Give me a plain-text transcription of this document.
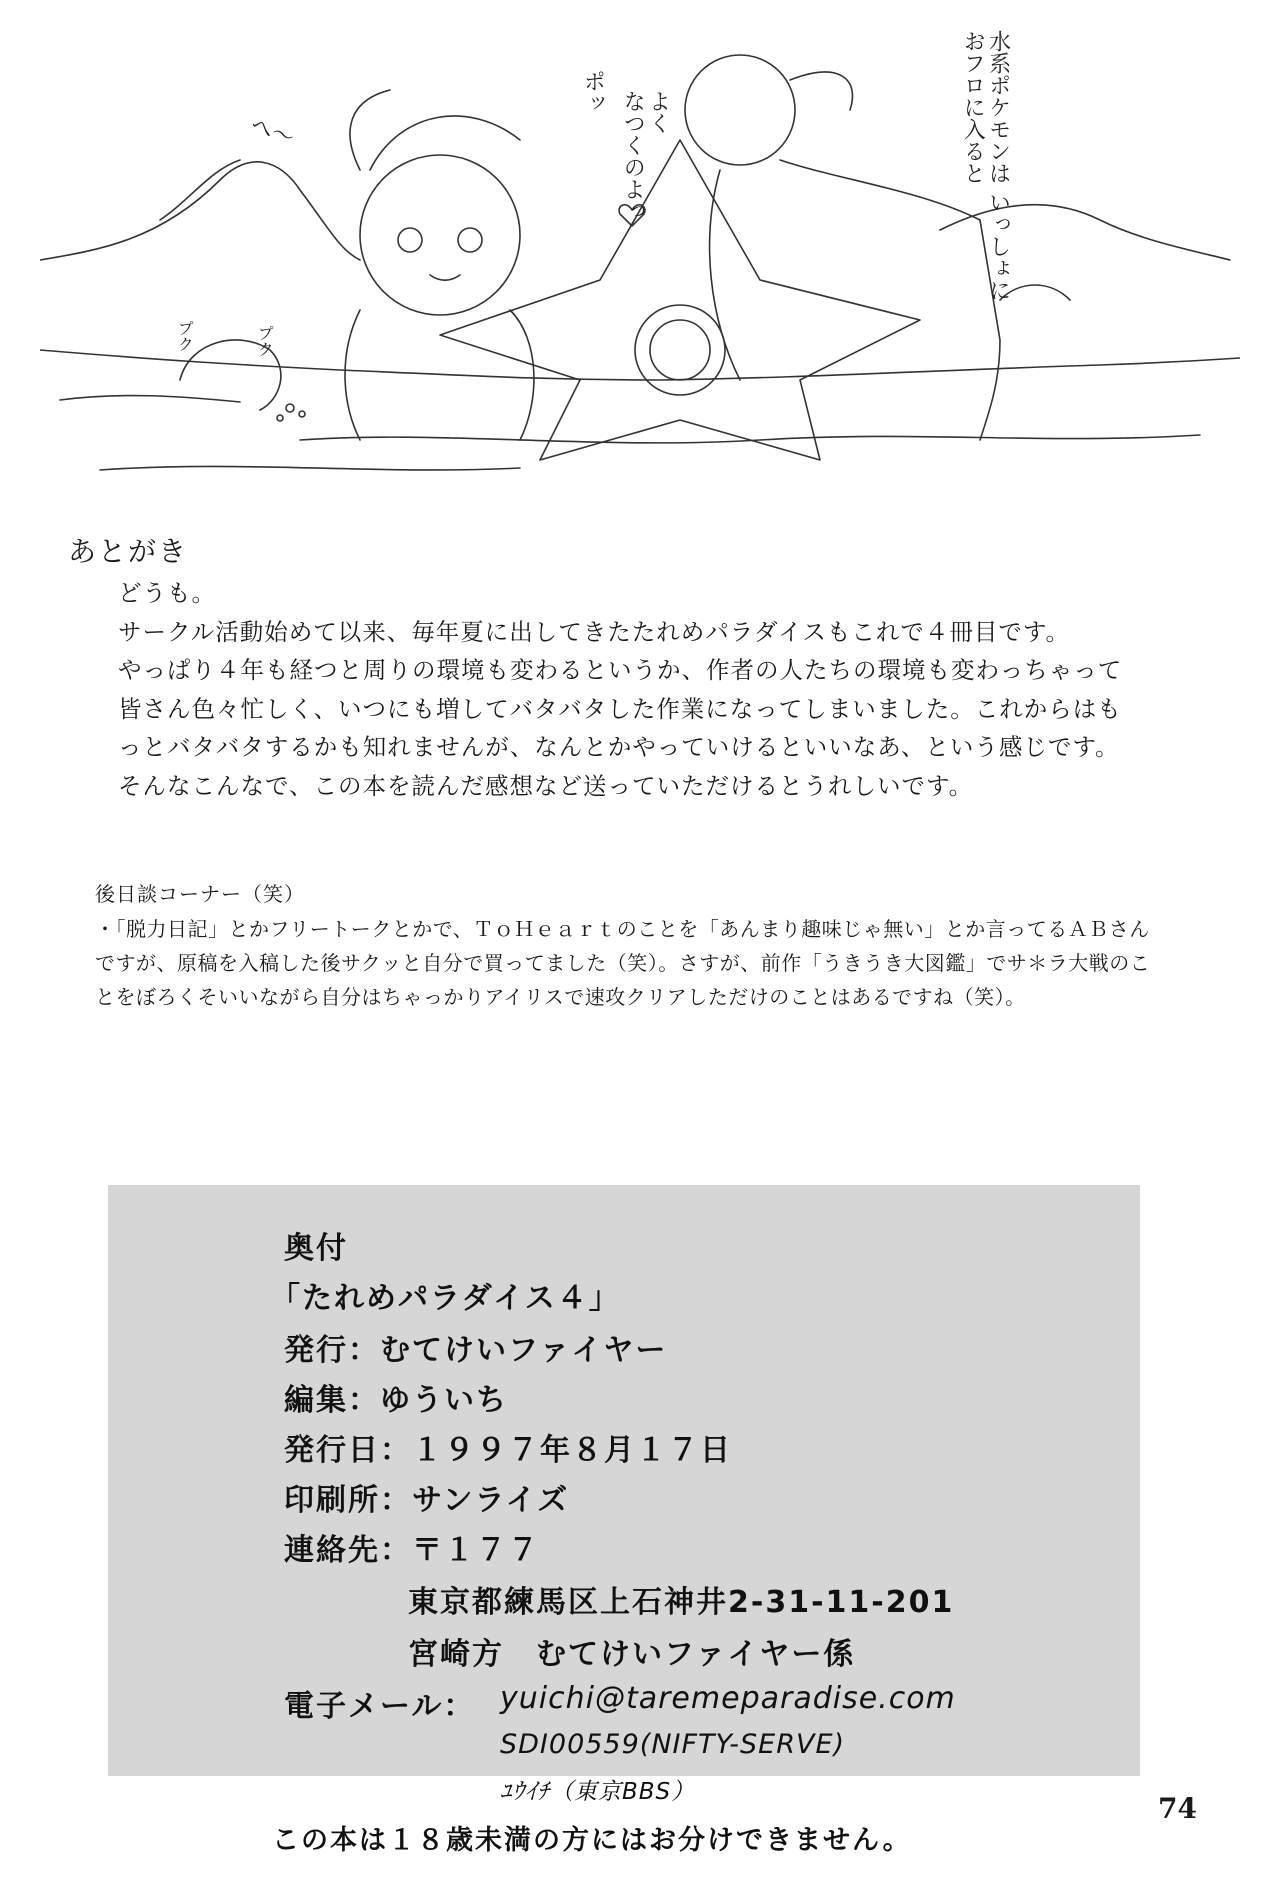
へ〜
ポッ	よく
なつくのよっ	水系ポケモンは いっしょに
おフロに入ると
プク	プク
あとがき

どうも。

サークル活動始めて以来、毎年夏に出してきたたれめパラダイスもこれで４冊目です。

やっぱり４年も経つと周りの環境も変わるというか、作者の人たちの環境も変わっちゃって皆さん色々忙しく、いつにも増してバタバタした作業になってしまいました。これからはもっとバタバタするかも知れませんが、なんとかやっていけるといいなあ、という感じです。

そんなこんなで、この本を読んだ感想など送っていただけるとうれしいです。

後日談コーナー（笑）
・「脱力日記」とかフリートークとかで、ＴｏＨｅａｒｔのことを「あんまり趣味じゃ無い」とか言ってるＡＢさんですが、原稿を入稿した後サクッと自分で買ってました（笑）。さすが、前作「うきうき大図鑑」でサ＊ラ大戦のことをぼろくそいいながら自分はちゃっかりアイリスで速攻クリアしただけのことはあるですね（笑）。
奥付
「たれめパラダイス４」
発行：むてけいファイヤー
編集：ゆういち
発行日：１９９７年８月１７日
印刷所：サンライズ
連絡先：〒１７７
東京都練馬区上石神井2-31-11-201
宮崎方　むてけいファイヤー係
電子メール： yuichi@taremeparadise.com
SDI00559(NIFTY-SERVE)
ﾕｳｲﾁ（東京BBS）
この本は１８歳未満の方にはお分けできません。
74
